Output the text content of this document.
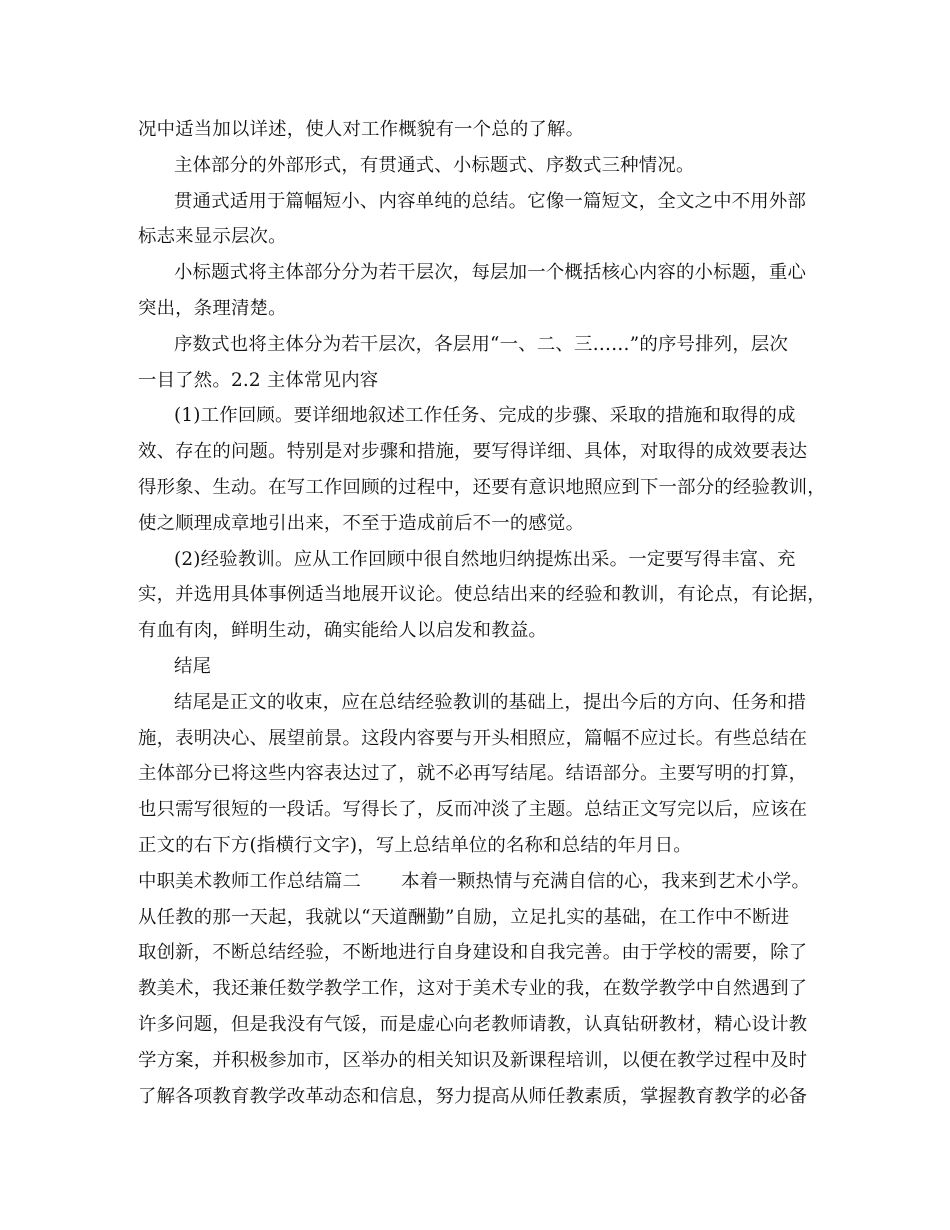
况中适当加以详述，使人对工作概貌有一个总的了解。
主体部分的外部形式，有贯通式、小标题式、序数式三种情况。
贯通式适用于篇幅短小、内容单纯的总结。它像一篇短文，全文之中不用外部
标志来显示层次。
小标题式将主体部分分为若干层次，每层加一个概括核心内容的小标题，重心
突出，条理清楚。
序数式也将主体分为若干层次，各层用“一、二、三……”的序号排列，层次
一目了然。2.2 主体常见内容
(1)工作回顾。要详细地叙述工作任务、完成的步骤、采取的措施和取得的成
效、存在的问题。特别是对步骤和措施，要写得详细、具体，对取得的成效要表达
得形象、生动。在写工作回顾的过程中，还要有意识地照应到下一部分的经验教训，
使之顺理成章地引出来，不至于造成前后不一的感觉。
(2)经验教训。应从工作回顾中很自然地归纳提炼出采。一定要写得丰富、充
实，并选用具体事例适当地展开议论。使总结出来的经验和教训，有论点，有论据，
有血有肉，鲜明生动，确实能给人以启发和教益。
结尾
结尾是正文的收束，应在总结经验教训的基础上，提出今后的方向、任务和措
施，表明决心、展望前景。这段内容要与开头相照应，篇幅不应过长。有些总结在
主体部分已将这些内容表达过了，就不必再写结尾。结语部分。主要写明的打算，
也只需写很短的一段话。写得长了，反而冲淡了主题。总结正文写完以后，应该在
正文的右下方(指横行文字)，写上总结单位的名称和总结的年月日。
中职美术教师工作总结篇二 本着一颗热情与充满自信的心，我来到艺术小学。
从任教的那一天起，我就以“天道酬勤”自励，立足扎实的基础，在工作中不断进
取创新，不断总结经验，不断地进行自身建设和自我完善。由于学校的需要，除了
教美术，我还兼任数学教学工作，这对于美术专业的我，在数学教学中自然遇到了
许多问题，但是我没有气馁，而是虚心向老教师请教，认真钻研教材，精心设计教
学方案，并积极参加市，区举办的相关知识及新课程培训，以便在教学过程中及时
了解各项教育教学改革动态和信息，努力提高从师任教素质，掌握教育教学的必备
